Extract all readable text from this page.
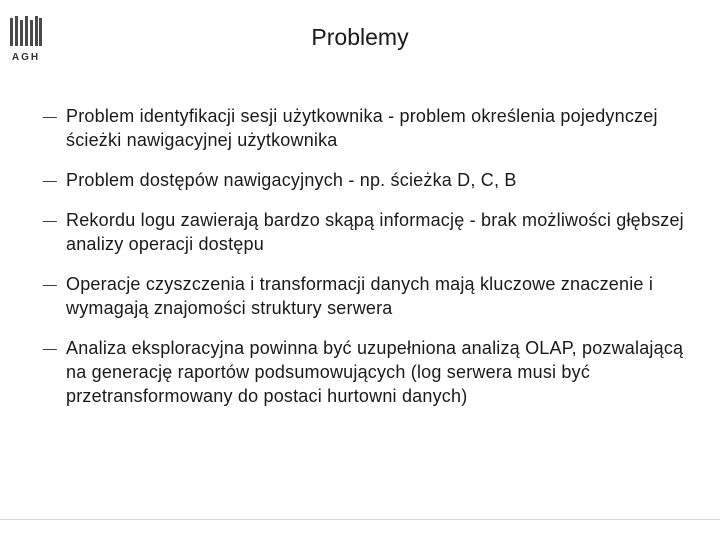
AGH
Problemy
— Problem identyfikacji sesji użytkownika - problem określenia pojedynczej ścieżki nawigacyjnej użytkownika
— Problem dostępów nawigacyjnych - np. ścieżka D, C, B
— Rekordu logu zawierają bardzo skąpą informację - brak możliwości głębszej analizy operacji dostępu
— Operacje czyszczenia i transformacji danych mają kluczowe znaczenie i wymagają znajomości struktury serwera
— Analiza eksploracyjna powinna być uzupełniona analizą OLAP, pozwalającą na generację raportów podsumowujących (log serwera musi być przetransformowany do postaci hurtowni danych)
